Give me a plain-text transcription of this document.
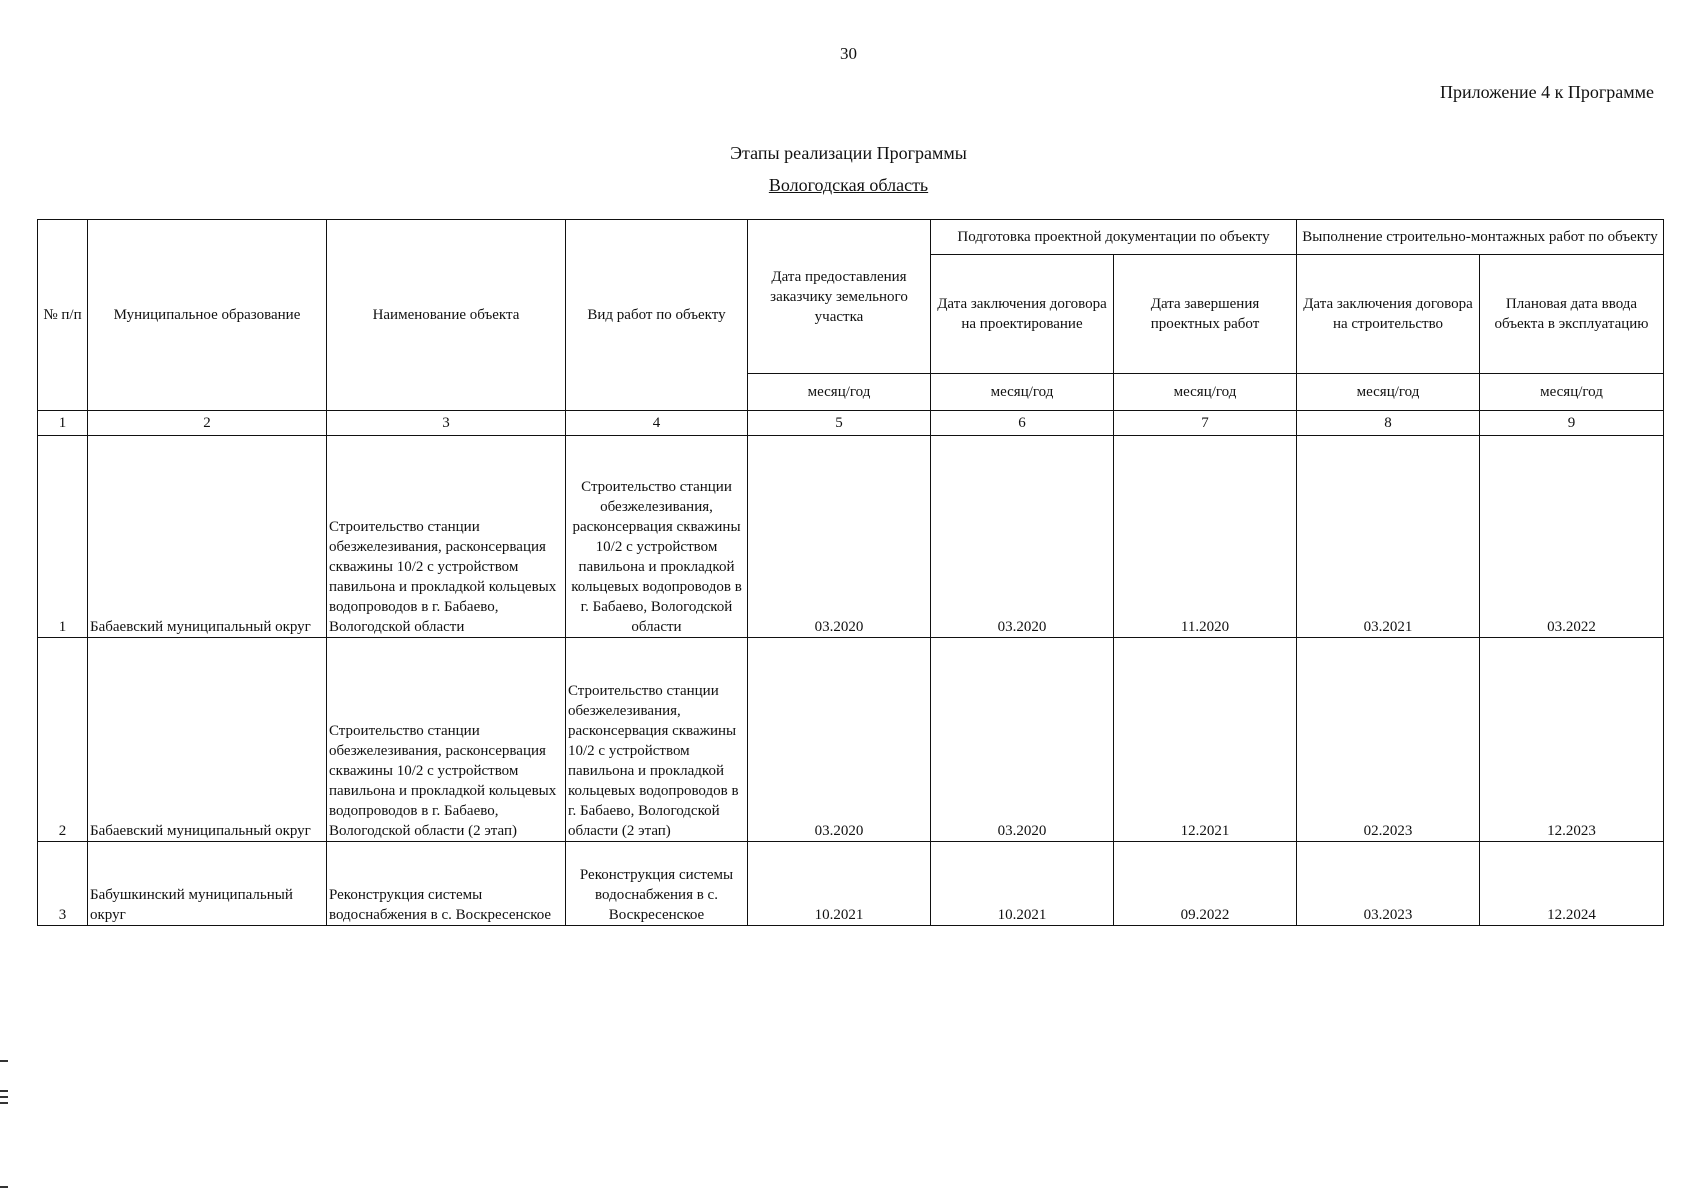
30
Приложение 4 к Программе
Этапы реализации Программы
Вологодская область
№ п/п	Муниципальное образование	Наименование объекта	Вид работ по объекту	Дата предоставления заказчику земельного участка	Подготовка проектной документации по объекту		Выполнение строительно-монтажных работ по объекту	
					Дата заключения договора на проектирование	Дата завершения проектных работ	Дата заключения договора на строительство	Плановая дата ввода объекта в эксплуатацию
				месяц/год	месяц/год	месяц/год	месяц/год	месяц/год
1	2	3	4	5	6	7	8	9
1	Бабаевский муниципальный округ	Строительство станции обезжелезивания, расконсервация скважины 10/2 с устройством павильона и прокладкой кольцевых водопроводов в г. Бабаево, Вологодской области	Строительство станции обезжелезивания, расконсервация скважины 10/2 с устройством павильона и прокладкой кольцевых водопроводов в г. Бабаево, Вологодской области	03.2020	03.2020	11.2020	03.2021	03.2022
2	Бабаевский муниципальный округ	Строительство станции обезжелезивания, расконсервация скважины 10/2 с устройством павильона и прокладкой кольцевых водопроводов в г. Бабаево, Вологодской области (2 этап)	Строительство станции обезжелезивания, расконсервация скважины 10/2 с устройством павильона и прокладкой кольцевых водопроводов в г. Бабаево, Вологодской области (2 этап)	03.2020	03.2020	12.2021	02.2023	12.2023
3	Бабушкинский муниципальный округ	Реконструкция системы водоснабжения в с. Воскресенское	Реконструкция системы водоснабжения в с. Воскресенское	10.2021	10.2021	09.2022	03.2023	12.2024
